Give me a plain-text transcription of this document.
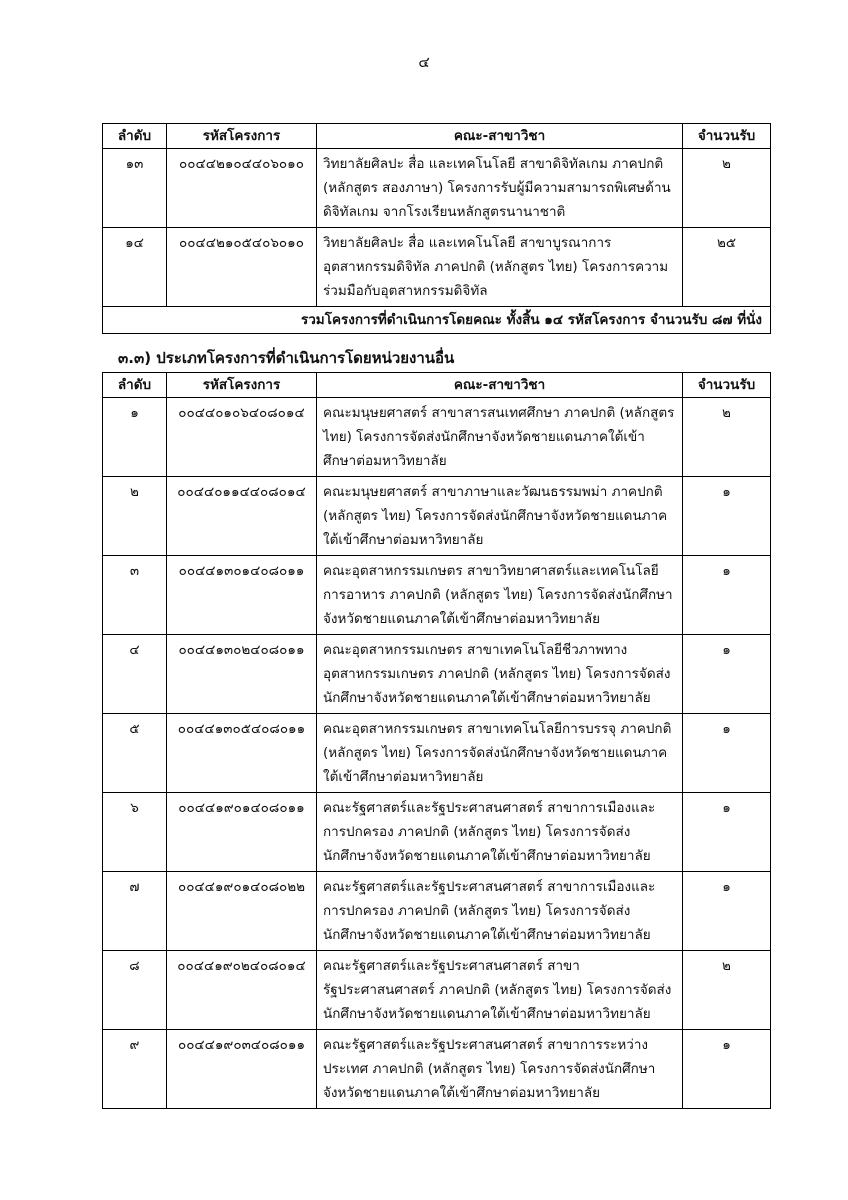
๔
ลำดับ	รหัสโครงการ	คณะ-สาขาวิชา	จำนวนรับ
๑๓	๐๐๔๔๒๑๐๔๔๐๖๐๑๐	วิทยาลัยศิลปะ สื่อ และเทคโนโลยี สาขาดิจิทัลเกม ภาคปกติ (หลักสูตร สองภาษา) โครงการรับผู้มีความสามารถพิเศษด้านดิจิทัลเกม จากโรงเรียนหลักสูตรนานาชาติ	๒
๑๔	๐๐๔๔๒๑๐๕๔๐๖๐๑๐	วิทยาลัยศิลปะ สื่อ และเทคโนโลยี สาขาบูรณาการอุตสาหกรรมดิจิทัล ภาคปกติ (หลักสูตร ไทย) โครงการความร่วมมือกับอุตสาหกรรมดิจิทัล	๒๕
รวมโครงการที่ดำเนินการโดยคณะ ทั้งสิ้น ๑๔ รหัสโครงการ จำนวนรับ ๘๗ ที่นั่ง			
๓.๓) ประเภทโครงการที่ดำเนินการโดยหน่วยงานอื่น
ลำดับ	รหัสโครงการ	คณะ-สาขาวิชา	จำนวนรับ
๑	๐๐๔๔๐๑๐๖๔๐๘๐๑๔	คณะมนุษยศาสตร์ สาขาสารสนเทศศึกษา ภาคปกติ (หลักสูตร ไทย) โครงการจัดส่งนักศึกษาจังหวัดชายแดนภาคใต้เข้าศึกษาต่อมหาวิทยาลัย	๒
๒	๐๐๔๔๐๑๑๔๔๐๘๐๑๔	คณะมนุษยศาสตร์ สาขาภาษาและวัฒนธรรมพม่า ภาคปกติ (หลักสูตร ไทย) โครงการจัดส่งนักศึกษาจังหวัดชายแดนภาคใต้เข้าศึกษาต่อมหาวิทยาลัย	๑
๓	๐๐๔๔๑๓๐๑๔๐๘๐๑๑	คณะอุตสาหกรรมเกษตร สาขาวิทยาศาสตร์และเทคโนโลยีการอาหาร ภาคปกติ (หลักสูตร ไทย) โครงการจัดส่งนักศึกษาจังหวัดชายแดนภาคใต้เข้าศึกษาต่อมหาวิทยาลัย	๑
๔	๐๐๔๔๑๓๐๒๔๐๘๐๑๑	คณะอุตสาหกรรมเกษตร สาขาเทคโนโลยีชีวภาพทางอุตสาหกรรมเกษตร ภาคปกติ (หลักสูตร ไทย) โครงการจัดส่งนักศึกษาจังหวัดชายแดนภาคใต้เข้าศึกษาต่อมหาวิทยาลัย	๑
๕	๐๐๔๔๑๓๐๕๔๐๘๐๑๑	คณะอุตสาหกรรมเกษตร สาขาเทคโนโลยีการบรรจุ ภาคปกติ (หลักสูตร ไทย) โครงการจัดส่งนักศึกษาจังหวัดชายแดนภาคใต้เข้าศึกษาต่อมหาวิทยาลัย	๑
๖	๐๐๔๔๑๙๐๑๔๐๘๐๑๑	คณะรัฐศาสตร์และรัฐประศาสนศาสตร์ สาขาการเมืองและการปกครอง ภาคปกติ (หลักสูตร ไทย) โครงการจัดส่งนักศึกษาจังหวัดชายแดนภาคใต้เข้าศึกษาต่อมหาวิทยาลัย	๑
๗	๐๐๔๔๑๙๐๑๔๐๘๐๒๒	คณะรัฐศาสตร์และรัฐประศาสนศาสตร์ สาขาการเมืองและการปกครอง ภาคปกติ (หลักสูตร ไทย) โครงการจัดส่งนักศึกษาจังหวัดชายแดนภาคใต้เข้าศึกษาต่อมหาวิทยาลัย	๑
๘	๐๐๔๔๑๙๐๒๔๐๘๐๑๔	คณะรัฐศาสตร์และรัฐประศาสนศาสตร์ สาขารัฐประศาสนศาสตร์ ภาคปกติ (หลักสูตร ไทย) โครงการจัดส่งนักศึกษาจังหวัดชายแดนภาคใต้เข้าศึกษาต่อมหาวิทยาลัย	๒
๙	๐๐๔๔๑๙๐๓๔๐๘๐๑๑	คณะรัฐศาสตร์และรัฐประศาสนศาสตร์ สาขาการระหว่างประเทศ ภาคปกติ (หลักสูตร ไทย) โครงการจัดส่งนักศึกษาจังหวัดชายแดนภาคใต้เข้าศึกษาต่อมหาวิทยาลัย	๑
